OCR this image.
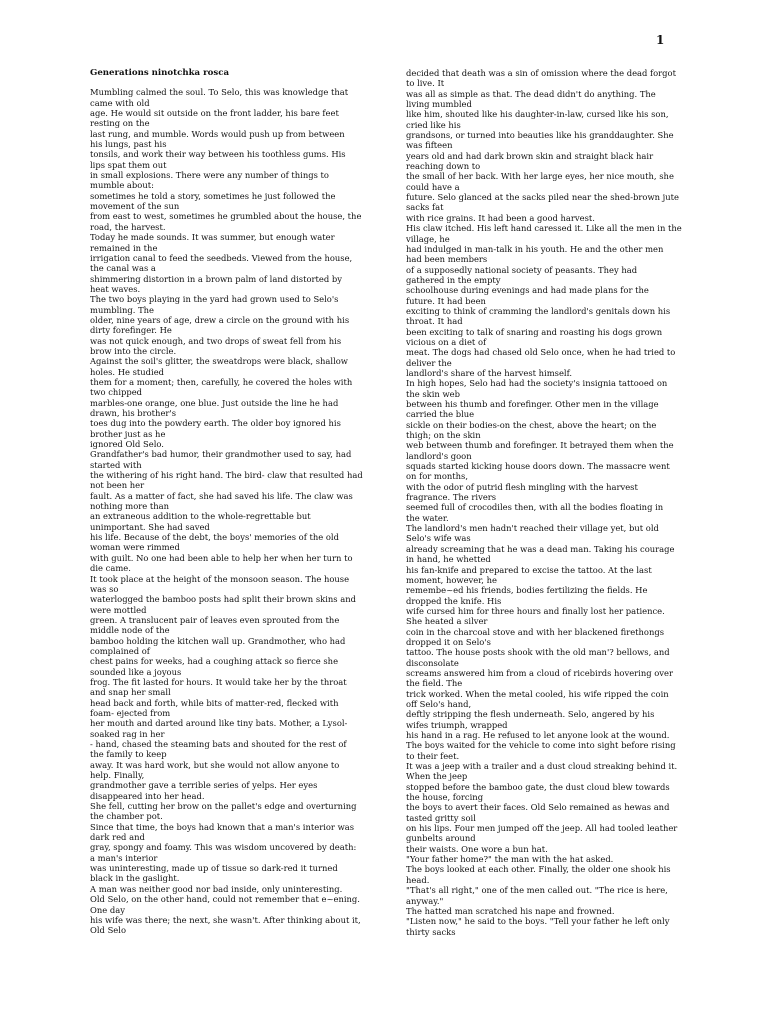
1
Generations ninotchka rosca
Mumbling calmed the soul. To Selo, this was knowledge that
came with old
age. He would sit outside on the front ladder, his bare feet
resting on the
last rung, and mumble. Words would push up from between
his lungs, past his
tonsils, and work their way between his toothless gums. His
lips spat them out
in small explosions. There were any number of things to
mumble about:
sometimes he told a story, sometimes he just followed the
movement of the sun
from east to west, sometimes he grumbled about the house, the
road, the harvest.
Today he made sounds. It was summer, but enough water
remained in the
irrigation canal to feed the seedbeds. Viewed from the house,
the canal was a
shimmering distortion in a brown palm of land distorted by
heat waves.
The two boys playing in the yard had grown used to Selo's
mumbling. The
older, nine years of age, drew a circle on the ground with his
dirty forefinger. He
was not quick enough, and two drops of sweat fell from his
brow into the circle.
Against the soil's glitter, the sweatdrops were black, shallow
holes. He studied
them for a moment; then, carefully, he covered the holes with
two chipped
marbles-one orange, one blue. Just outside the line he had
drawn, his brother's
toes dug into the powdery earth. The older boy ignored his
brother just as he
ignored Old Selo.
Grandfather's bad humor, their grandmother used to say, had
started with
the withering of his right hand. The bird- claw that resulted had
not been her
fault. As a matter of fact, she had saved his life. The claw was
nothing more than
an extraneous addition to the whole-regrettable but
unimportant. She had saved
his life. Because of the debt, the boys' memories of the old
woman were rimmed
with guilt. No one had been able to help her when her turn to
die came.
It took place at the height of the monsoon season. The house
was so
waterlogged the bamboo posts had split their brown skins and
were mottled
green. A translucent pair of leaves even sprouted from the
middle node of the
bamboo holding the kitchen wall up. Grandmother, who had
complained of
chest pains for weeks, had a coughing attack so fierce she
sounded like a joyous
frog. The fit lasted for hours. It would take her by the throat
and snap her small
head back and forth, while bits of matter-red, flecked with
foam- ejected from
her mouth and darted around like tiny bats. Mother, a Lysol-
soaked rag in her
- hand, chased the steaming bats and shouted for the rest of
the family to keep
away. It was hard work, but she would not allow anyone to
help. Finally,
grandmother gave a terrible series of yelps. Her eyes
disappeared into her head.
She fell, cutting her brow on the pallet's edge and overturning
the chamber pot.
Since that time, the boys had known that a man's interior was
dark red and
gray, spongy and foamy. This was wisdom uncovered by death:
a man's interior
was uninteresting, made up of tissue so dark-red it turned
black in the gaslight.
A man was neither good nor bad inside, only uninteresting.
Old Selo, on the other hand, could not remember that e~ening.
One day
his wife was there; the next, she wasn't. After thinking about it,
Old Selo
decided that death was a sin of omission where the dead forgot
to live. It
was all as simple as that. The dead didn't do anything. The
living mumbled
like him, shouted like his daughter-in-law, cursed like his son,
cried like his
grandsons, or turned into beauties like his granddaughter. She
was fifteen
years old and had dark brown skin and straight black hair
reaching down to
the small of her back. With her large eyes, her nice mouth, she
could have a
future. Selo glanced at the sacks piled near the shed-brown jute
sacks fat
with rice grains. It had been a good harvest.
His claw itched. His left hand caressed it. Like all the men in the
village, he
had indulged in man-talk in his youth. He and the other men
had been members
of a supposedly national society of peasants. They had
gathered in the empty
schoolhouse during evenings and had made plans for the
future. It had been
exciting to think of cramming the landlord's genitals down his
throat. It had
been exciting to talk of snaring and roasting his dogs grown
vicious on a diet of
meat. The dogs had chased old Selo once, when he had tried to
deliver the
landlord's share of the harvest himself.
In high hopes, Selo had had the society's insignia tattooed on
the skin web
between his thumb and forefinger. Other men in the village
carried the blue
sickle on their bodies-on the chest, above the heart; on the
thigh; on the skin
web between thumb and forefinger. It betrayed them when the
landlord's goon
squads started kicking house doors down. The massacre went
on for months,
with the odor of putrid flesh mingling with the harvest
fragrance. The rivers
seemed full of crocodiles then, with all the bodies floating in
the water.
The landlord's men hadn't reached their village yet, but old
Selo's wife was
already screaming that he was a dead man. Taking his courage
in hand, he whetted
his fan-knife and prepared to excise the tattoo. At the last
moment, however, he
remembe~ed his friends, bodies fertilizing the fields. He
dropped the knife. His
wife cursed him for three hours and finally lost her patience.
She heated a silver
coin in the charcoal stove and with her blackened firethongs
dropped it on Selo's
tattoo. The house posts shook with the old man'? bellows, and
disconsolate
screams answered him from a cloud of ricebirds hovering over
the field. The
trick worked. When the metal cooled, his wife ripped the coin
off Selo's hand,
deftly stripping the flesh underneath. Selo, angered by his
wifes triumph, wrapped
his hand in a rag. He refused to let anyone look at the wound.
The boys waited for the vehicle to come into sight before rising
to their feet.
It was a jeep with a trailer and a dust cloud streaking behind it.
When the jeep
stopped before the bamboo gate, the dust cloud blew towards
the house, forcing
the boys to avert their faces. Old Selo remained as hewas and
tasted gritty soil
on his lips. Four men jumped off the jeep. All had tooled leather
gunbelts around
their waists. One wore a bun hat.
"Your father home?" the man with the hat asked.
The boys looked at each other. Finally, the older one shook his
head.
"That's all right," one of the men called out. "The rice is here,
anyway."
The hatted man scratched his nape and frowned.
"Listen now," he said to the boys. "Tell your father he left only
thirty sacks
